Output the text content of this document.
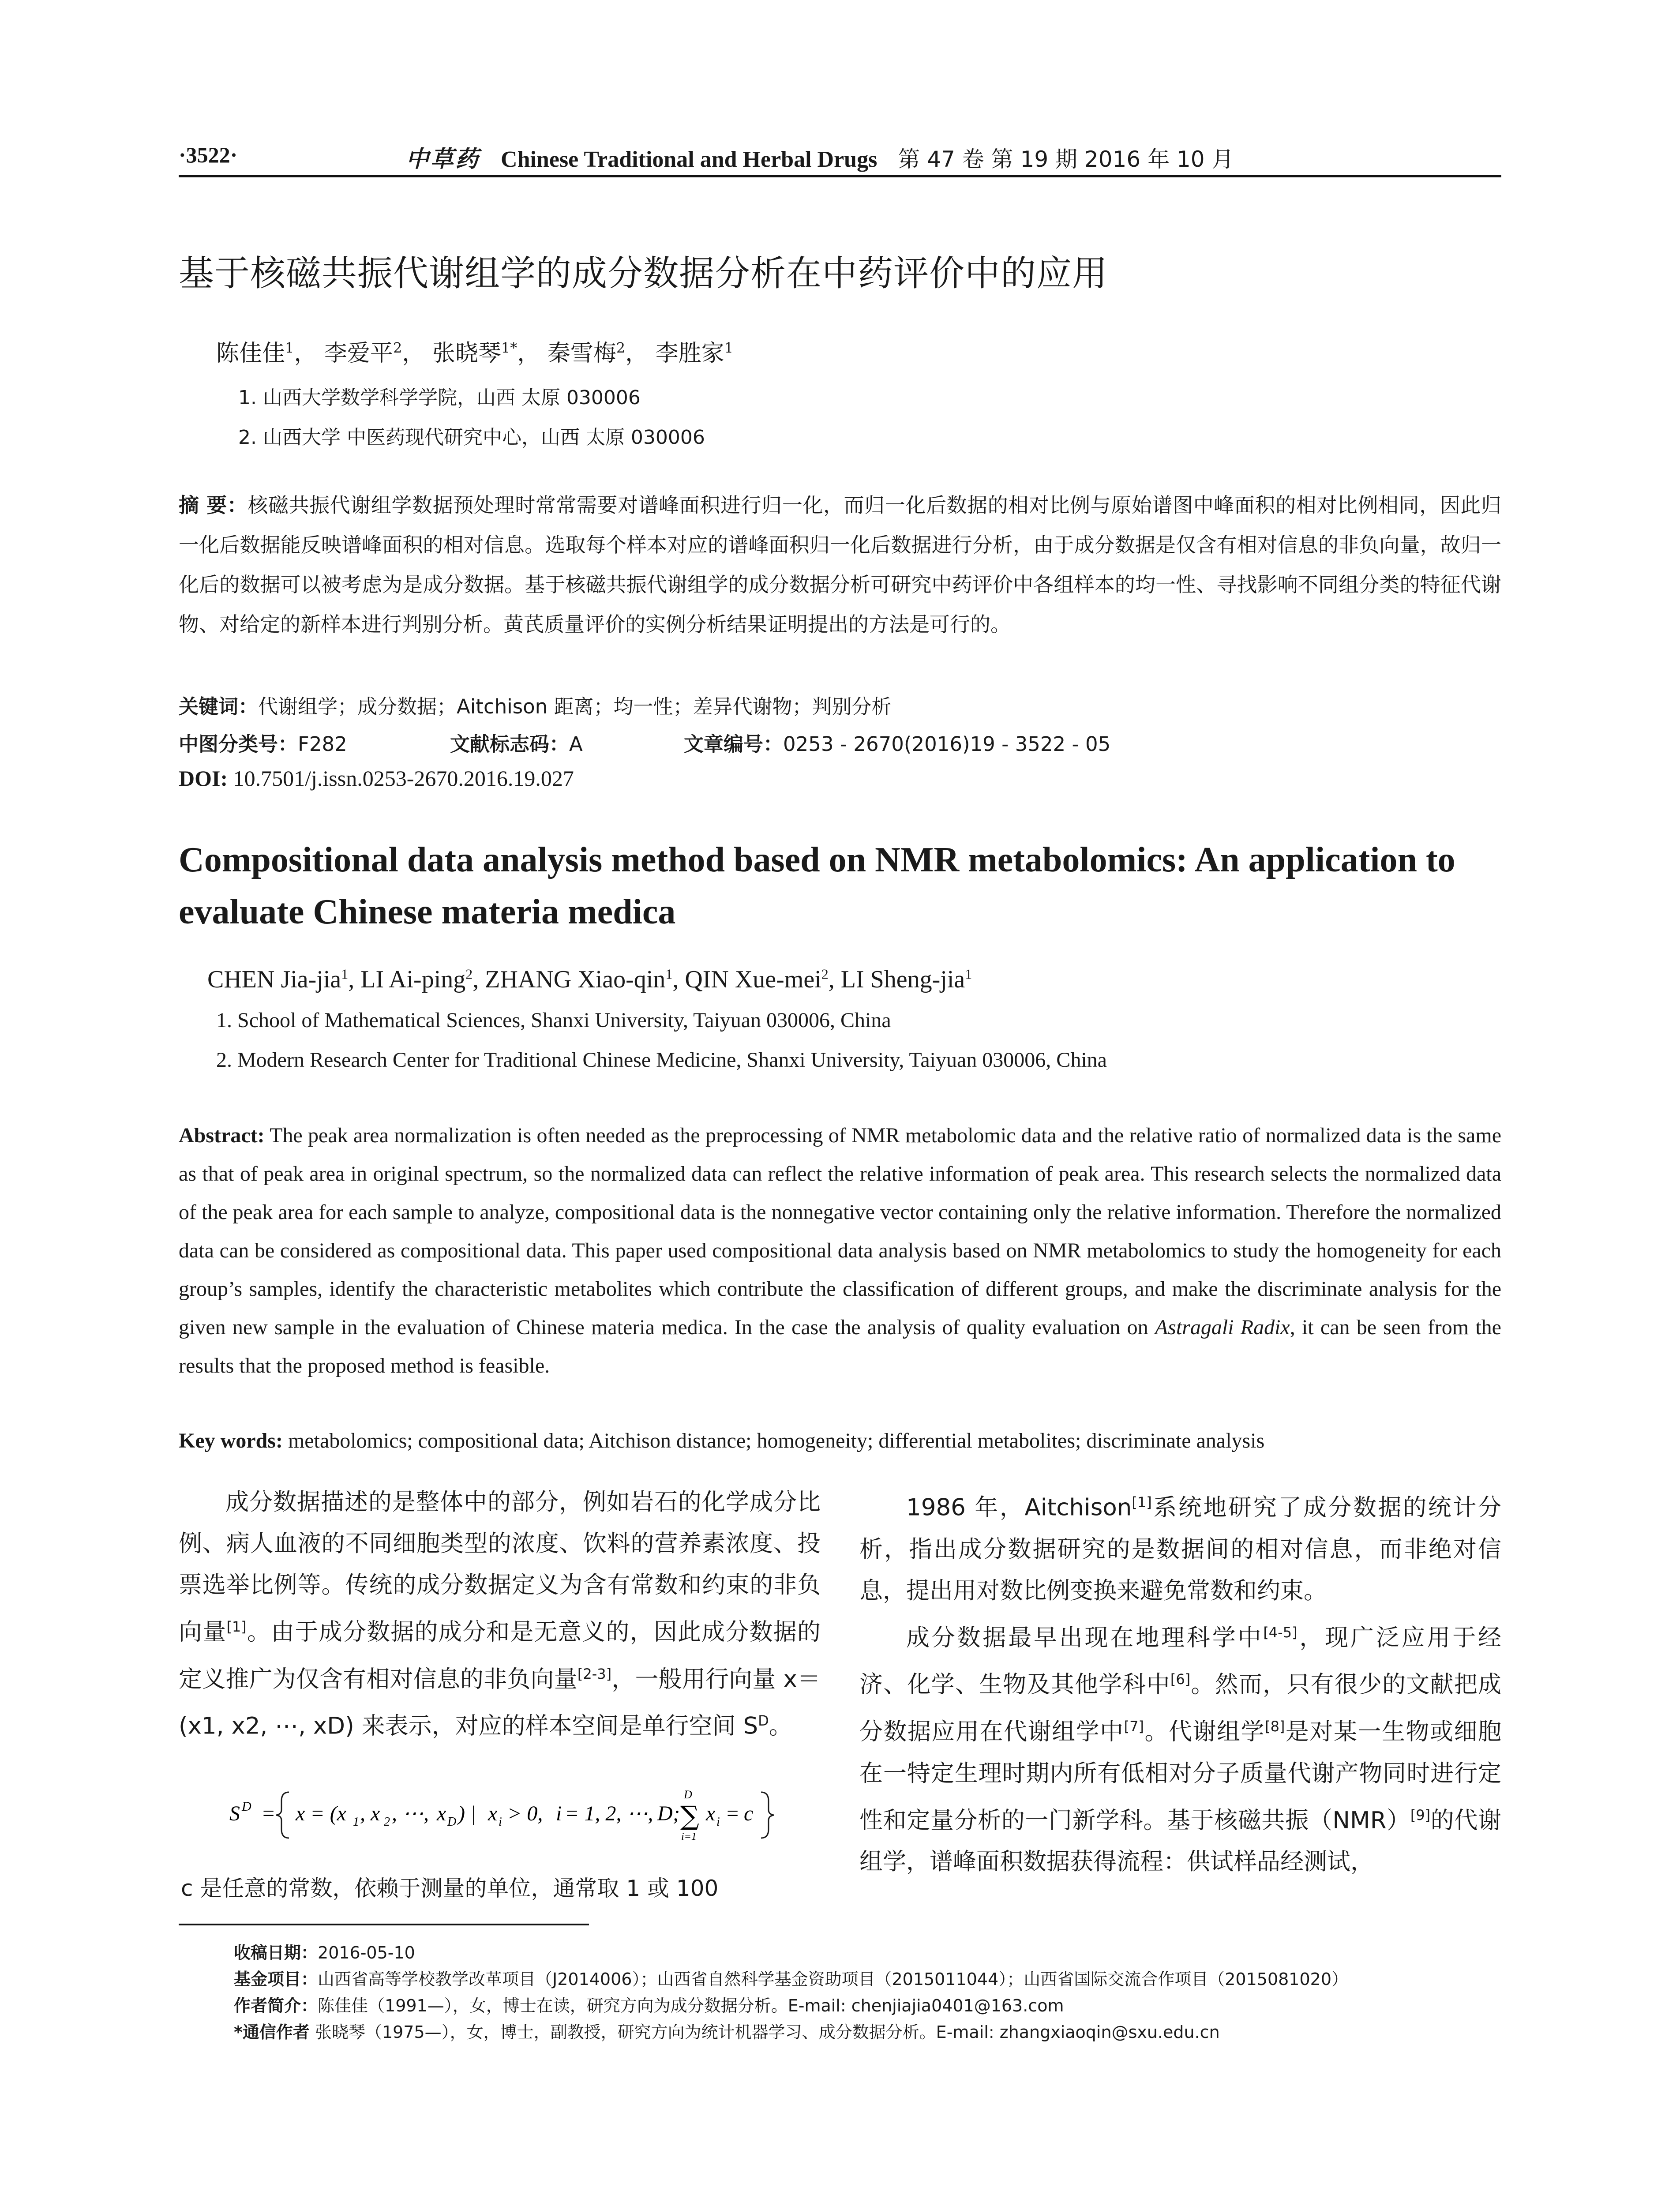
·3522·	中草药 Chinese Traditional and Herbal Drugs 第 47 卷 第 19 期 2016 年 10 月
基于核磁共振代谢组学的成分数据分析在中药评价中的应用
陈佳佳$^1$， 李爱平$^2$， 张晓琴$^{1*}$， 秦雪梅$^2$， 李胜家$^1$
1. 山西大学数学科学学院，山西 太原 030006
2. 山西大学 中医药现代研究中心，山西 太原 030006
摘 要：核磁共振代谢组学数据预处理时常常需要对谱峰面积进行归一化，而归一化后数据的相对比例与原始谱图中峰面积的相对比例相同，因此归一化后数据能反映谱峰面积的相对信息。选取每个样本对应的谱峰面积归一化后数据进行分析，由于成分数据是仅含有相对信息的非负向量，故归一化后的数据可以被考虑为是成分数据。基于核磁共振代谢组学的成分数据分析可研究中药评价中各组样本的均一性、寻找影响不同组分类的特征代谢物、对给定的新样本进行判别分析。黄芪质量评价的实例分析结果证明提出的方法是可行的。
关键词：代谢组学；成分数据；Aitchison 距离；均一性；差异代谢物；判别分析
中图分类号：F282	文献标志码：A	文章编号：0253 - 2670(2016)19 - 3522 - 05
DOI: 10.7501/j.issn.0253-2670.2016.19.027
Compositional data analysis method based on NMR metabolomics: An application to evaluate Chinese materia medica
CHEN Jia-jia$^1$, LI Ai-ping$^2$, ZHANG Xiao-qin$^1$, QIN Xue-mei$^2$, LI Sheng-jia$^1$
1. School of Mathematical Sciences, Shanxi University, Taiyuan 030006, China
2. Modern Research Center for Traditional Chinese Medicine, Shanxi University, Taiyuan 030006, China
Abstract: The peak area normalization is often needed as the preprocessing of NMR metabolomic data and the relative ratio of normalized data is the same as that of peak area in original spectrum, so the normalized data can reflect the relative information of peak area. This research selects the normalized data of the peak area for each sample to analyze, compositional data is the nonnegative vector containing only the relative information. Therefore the normalized data can be considered as compositional data. This paper used compositional data analysis based on NMR metabolomics to study the homogeneity for each group’s samples, identify the characteristic metabolites which contribute the classification of different groups, and make the discriminate analysis for the given new sample in the evaluation of Chinese materia medica. In the case the analysis of quality evaluation on Astragali Radix, it can be seen from the results that the proposed method is feasible.
Key words: metabolomics; compositional data; Aitchison distance; homogeneity; differential metabolites; discriminate analysis

成分数据描述的是整体中的部分，例如岩石的化学成分比例、病人血液的不同细胞类型的浓度、饮料的营养素浓度、投票选举比例等。传统的成分数据定义为含有常数和约束的非负向量[1]。由于成分数据的成分和是无意义的，因此成分数据的定义推广为仅含有相对信息的非负向量[2-3]，一般用行向量 x＝(x1, x2, ⋯, xD) 来表示，对应的样本空间是单行空间 $S^D$。

S D = x = (x 1 , x 2 , ⋯, x D ) | x i > 0, i = 1, 2, ⋯, D ;
D
∑
i=1
x i = c
c 是任意的常数，依赖于测量的单位，通常取 1 或 100

1986 年，Aitchison[1]系统地研究了成分数据的统计分析，指出成分数据研究的是数据间的相对信息，而非绝对信息，提出用对数比例变换来避免常数和约束。

成分数据最早出现在地理科学中[4-5]，现广泛应用于经济、化学、生物及其他学科中[6]。然而，只有很少的文献把成分数据应用在代谢组学中[7]。代谢组学[8]是对某一生物或细胞在一特定生理时期内所有低相对分子质量代谢产物同时进行定性和定量分析的一门新学科。基于核磁共振（NMR）[9]的代谢组学，谱峰面积数据获得流程：供试样品经测试，

收稿日期：2016-05-10
基金项目：山西省高等学校教学改革项目（J2014006）；山西省自然科学基金资助项目（2015011044）；山西省国际交流合作项目（2015081020）
作者简介：陈佳佳（1991—），女，博士在读，研究方向为成分数据分析。E-mail: chenjiajia0401@163.com
*通信作者 张晓琴（1975—），女，博士，副教授，研究方向为统计机器学习、成分数据分析。E-mail: zhangxiaoqin@sxu.edu.cn
